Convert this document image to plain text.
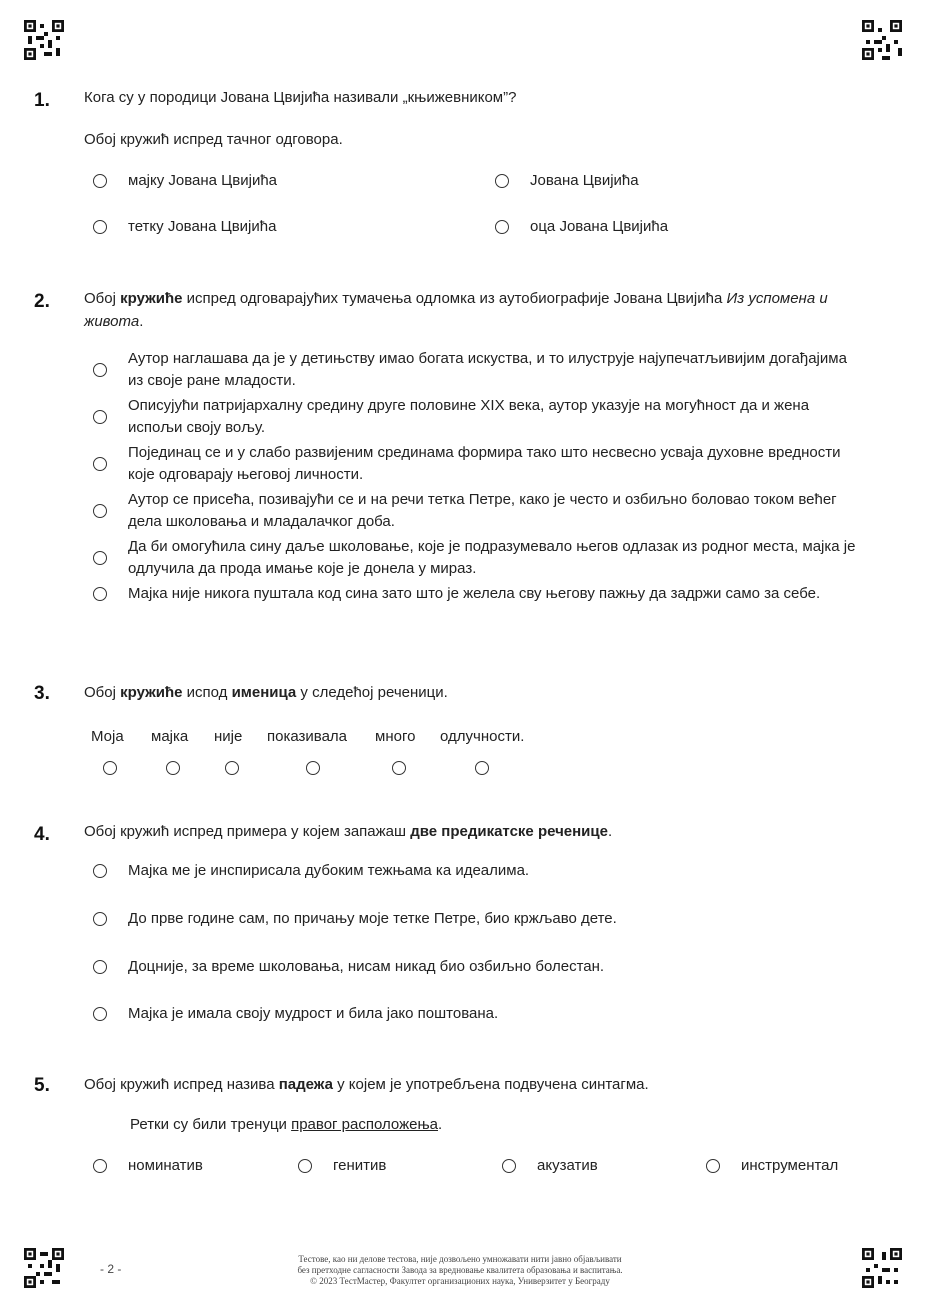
1. Кога су у породици Јована Цвијића називали „књижевником”?
Обој кружић испред тачног одговора.
мајку Јована Цвијића	Јована Цвијића
тетку Јована Цвијића	оца Јована Цвијића
2. Обој кружиће испред одговарајућих тумачења одломка из аутобиографије Јована Цвијића Из успомена и живота.
Аутор наглашава да је у детињству имао богата искуства, и то илуструје најупечатљивијим догађајима из своје ране младости.
Описујући патријархалну средину друге половине XIX века, аутор указује на могућност да и жена испољи своју вољу.
Појединац се и у слабо развијеним срединама формира тако што несвесно усваја духовне вредности које одговарају његовој личности.
Аутор се присећа, позивајући се и на речи тетка Петре, како је често и озбиљно боловао током већег дела школовања и младалачког доба.
Да би омогућила сину даље школовање, које је подразумевало његов одлазак из родног места, мајка је одлучила да прода имање које је донела у мираз.
Мајка није никога пуштала код сина зато што је желела сву његову пажњу да задржи само за себе.
3. Обој кружиће испод именица у следећој реченици.
Моја мајка није показивала много одлучности.
4. Обој кружић испред примера у којем запажаш две предикатске реченице.
Мајка ме је инспирисала дубоким тежњама ка идеалима.
До прве године сам, по причању моје тетке Петре, био кржљаво дете.
Доцније, за време школовања, нисам никад био озбиљно болестан.
Мајка је имала своју мудрост и била јако поштована.
5. Обој кружић испред назива падежа у којем је употребљена подвучена синтагма.
Ретки су били тренуци правог расположења.
номинатив	генитив	акузатив	инструментал
- 2 -
Тестове, као ни делове тестова, није дозвољено умножавати нити јавно објављивати
без претходне сагласности Завода за вредновање квалитета образовања и васпитања.
© 2023 ТестМастер, Факултет организационих наука, Универзитет у Београду
